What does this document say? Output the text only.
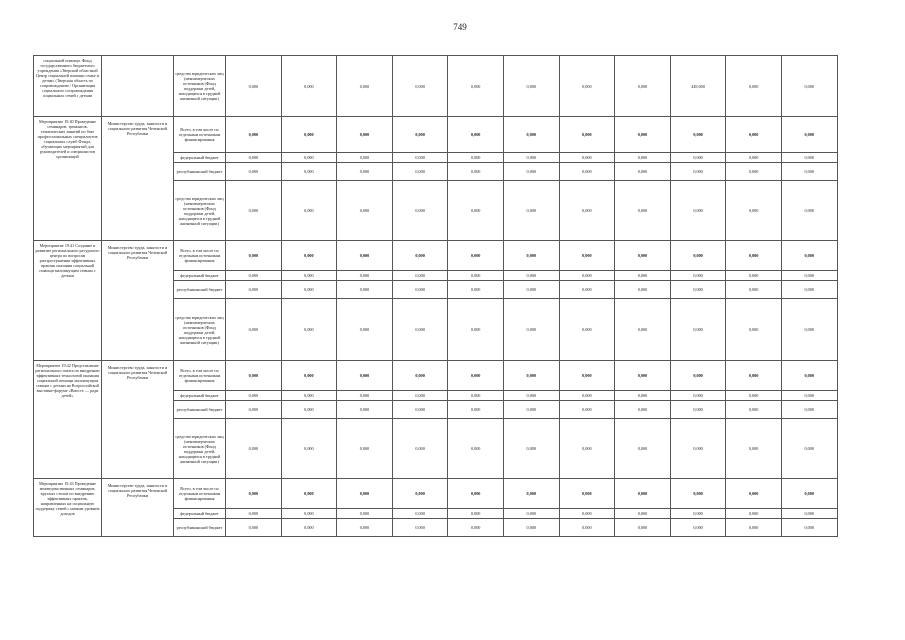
749
социальной помощи. Фонд государственного бюджетного учреждения «Тверской областной Центр социальной помощи семье и детям» (Тверская область по сопровождению / Организация социального сопровождения социальных семей с детьми		средства юридических лиц (некоммерческих источников (Фонд поддержки детей, находящихся в трудной жизненной ситуации)	0,000	0,000	0,000	0,000	0,000	0,000	0,000	0,000	449,000	0,000	0,000
Мероприятие 19.40 Проведение семинаров, тренингов, тематических занятий по базе профессиональных специалистов социальных служб Фонда, обучающих мероприятий для руководителей и специалистов организаций	Министерство труда, занятости и социального развития Чеченской Республики	Всего, в том числе по отдельным источникам финансирования	0,000	0,000	0,000	0,000	0,000	0,000	0,000	0,000	0,000	0,000	0,000
		федеральный бюджет	0,000	0,000	0,000	0,000	0,000	0,000	0,000	0,000	0,000	0,000	0,000
		республиканский бюджет	0,000	0,000	0,000	0,000	0,000	0,000	0,000	0,000	0,000	0,000	0,000
		средства юридических лиц (некоммерческих источников (Фонд поддержки детей, находящихся в трудной жизненной ситуации)	0,000	0,000	0,000	0,000	0,000	0,000	0,000	0,000	0,000	0,000	0,000
Мероприятие 19.41 Создание и развитие регионального ресурсного центра по вопросам распространения эффективных практик оказания социальной помощи малоимущим семьям с детьми	Министерство труда, занятости и социального развития Чеченской Республики	Всего, в том числе по отдельным источникам финансирования	0,000	0,000	0,000	0,000	0,000	0,000	0,000	0,000	0,000	0,000	0,000
		федеральный бюджет	0,000	0,000	0,000	0,000	0,000	0,000	0,000	0,000	0,000	0,000	0,000
		республиканский бюджет	0,000	0,000	0,000	0,000	0,000	0,000	0,000	0,000	0,000	0,000	0,000
		средства юридических лиц (некоммерческих источников (Фонд поддержки детей, находящихся в трудной жизненной ситуации)	0,000	0,000	0,000	0,000	0,000	0,000	0,000	0,000	0,000	0,000	0,000
Мероприятие 19.42 Представление регионального опыта по внедрению эффективных технологий оказания социальной помощи малоимущим семьям с детьми на Всероссийской выставке-форуме «Вместе — ради детей»	Министерство труда, занятости и социального развития Чеченской Республики	Всего, в том числе по отдельным источникам финансирования	0,000	0,000	0,000	0,000	0,000	0,000	0,000	0,000	0,000	0,000	0,000
		федеральный бюджет	0,000	0,000	0,000	0,000	0,000	0,000	0,000	0,000	0,000	0,000	0,000
		республиканский бюджет	0,000	0,000	0,000	0,000	0,000	0,000	0,000	0,000	0,000	0,000	0,000
		средства юридических лиц (некоммерческих источников (Фонд поддержки детей, находящихся в трудной жизненной ситуации)	0,000	0,000	0,000	0,000	0,000	0,000	0,000	0,000	0,000	0,000	0,000
Мероприятие 19.43 Проведение межведомственных семинаров, круглых столов по внедрению эффективных практик, направленных на социальную поддержку семей с низким уровнем доходов	Министерство труда, занятости и социального развития Чеченской Республики	Всего, в том числе по отдельным источникам финансирования	0,000	0,000	0,000	0,000	0,000	0,000	0,000	0,000	0,000	0,000	0,000
		федеральный бюджет	0,000	0,000	0,000	0,000	0,000	0,000	0,000	0,000	0,000	0,000	0,000
		республиканский бюджет	0,000	0,000	0,000	0,000	0,000	0,000	0,000	0,000	0,000	0,000	0,000
